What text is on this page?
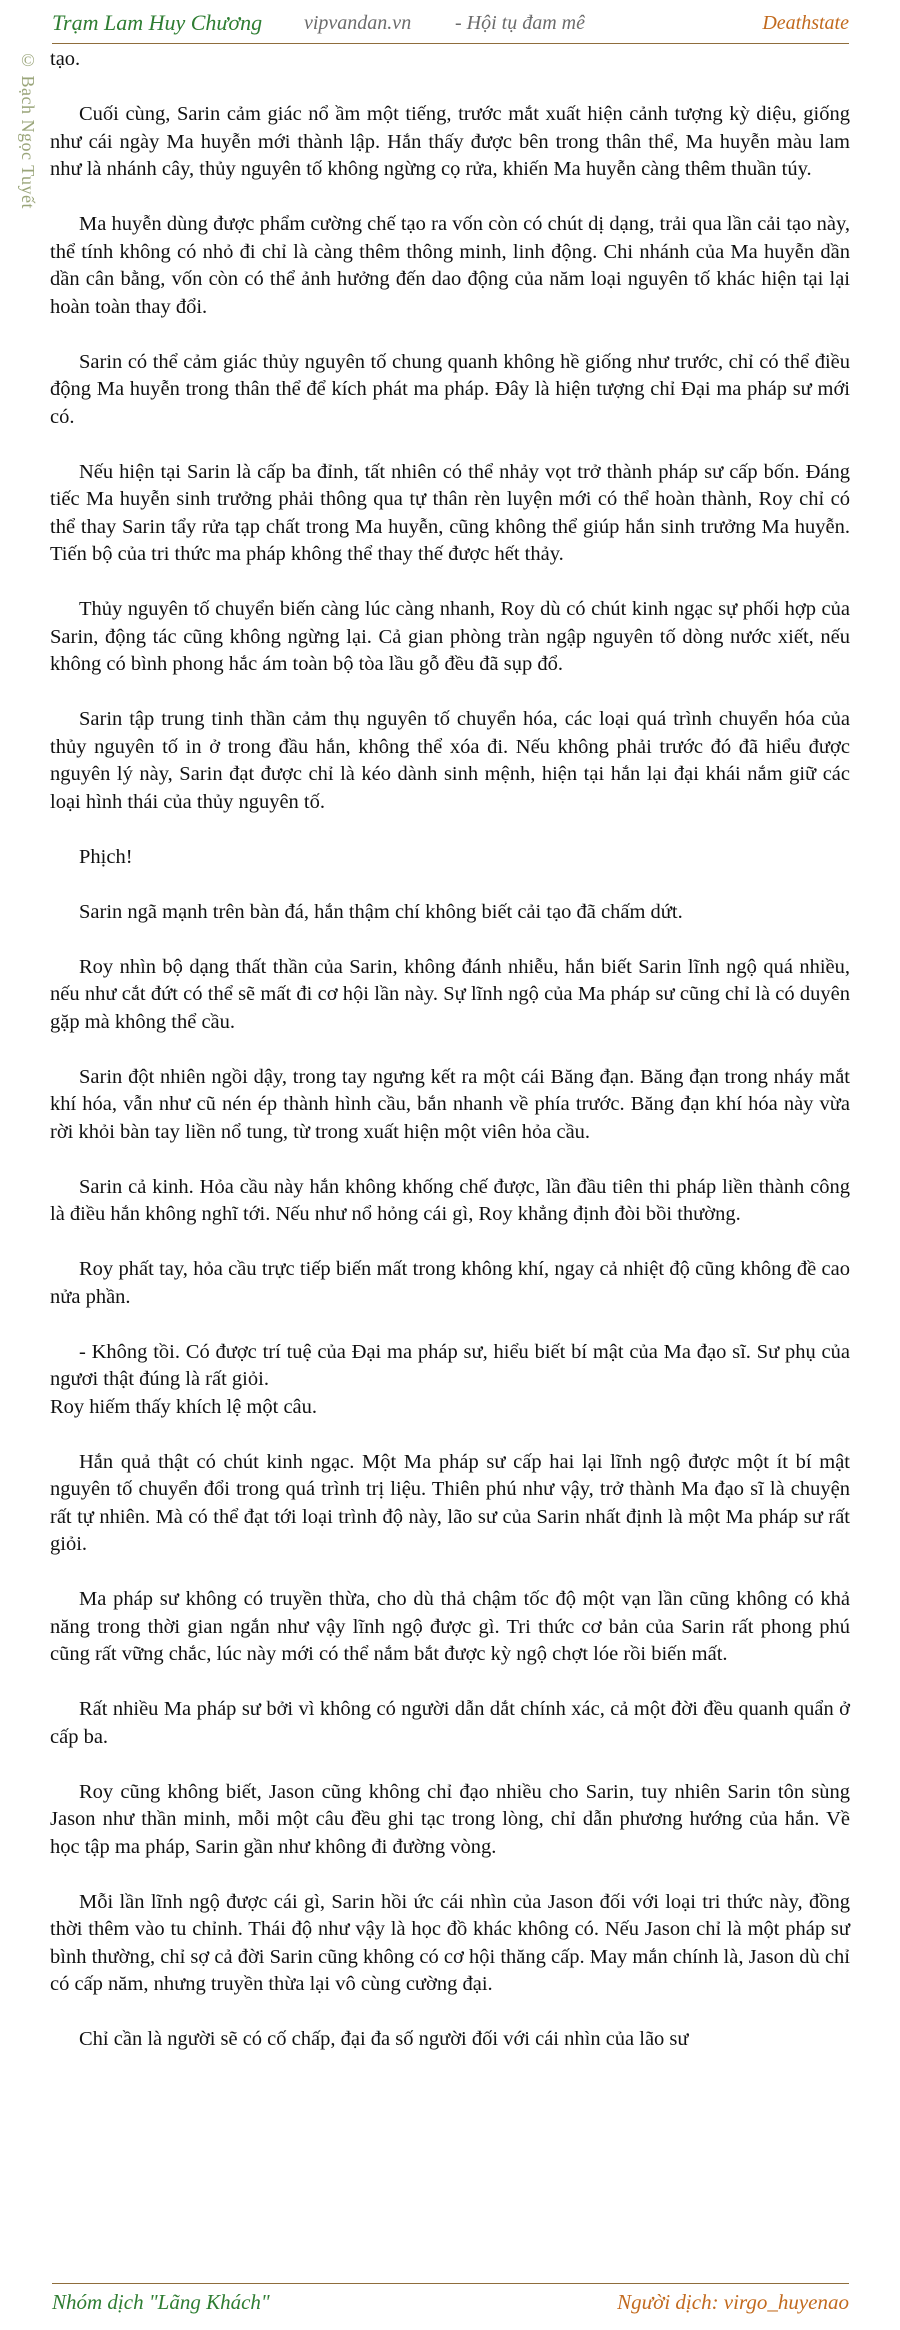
Trạm Lam Huy Chương vipvandan.vn - Hội tụ đam mê	Deathstate
© Bạch Ngọc Tuyết tạo.

Cuối cùng, Sarin cảm giác nổ ầm một tiếng, trước mắt xuất hiện cảnh tượng kỳ diệu, giống như cái ngày Ma huyễn mới thành lập. Hắn thấy được bên trong thân thể, Ma huyễn màu lam như là nhánh cây, thủy nguyên tố không ngừng cọ rửa, khiến Ma huyễn càng thêm thuần túy.

Ma huyễn dùng được phẩm cường chế tạo ra vốn còn có chút dị dạng, trải qua lần cải tạo này, thể tính không có nhỏ đi chỉ là càng thêm thông minh, linh động. Chi nhánh của Ma huyễn dần dần cân bằng, vốn còn có thể ảnh hưởng đến dao động của năm loại nguyên tố khác hiện tại lại hoàn toàn thay đổi.

Sarin có thể cảm giác thủy nguyên tố chung quanh không hề giống như trước, chỉ có thể điều động Ma huyễn trong thân thể để kích phát ma pháp. Đây là hiện tượng chỉ Đại ma pháp sư mới có.

Nếu hiện tại Sarin là cấp ba đỉnh, tất nhiên có thể nhảy vọt trở thành pháp sư cấp bốn. Đáng tiếc Ma huyễn sinh trưởng phải thông qua tự thân rèn luyện mới có thể hoàn thành, Roy chỉ có thể thay Sarin tẩy rửa tạp chất trong Ma huyễn, cũng không thể giúp hắn sinh trưởng Ma huyễn. Tiến bộ của tri thức ma pháp không thể thay thế được hết thảy.

Thủy nguyên tố chuyển biến càng lúc càng nhanh, Roy dù có chút kinh ngạc sự phối hợp của Sarin, động tác cũng không ngừng lại. Cả gian phòng tràn ngập nguyên tố dòng nước xiết, nếu không có bình phong hắc ám toàn bộ tòa lầu gỗ đều đã sụp đổ.

Sarin tập trung tinh thần cảm thụ nguyên tố chuyển hóa, các loại quá trình chuyển hóa của thủy nguyên tố in ở trong đầu hắn, không thể xóa đi. Nếu không phải trước đó đã hiểu được nguyên lý này, Sarin đạt được chỉ là kéo dành sinh mệnh, hiện tại hắn lại đại khái nắm giữ các loại hình thái của thủy nguyên tố.

Phịch!

Sarin ngã mạnh trên bàn đá, hắn thậm chí không biết cải tạo đã chấm dứt.

Roy nhìn bộ dạng thất thần của Sarin, không đánh nhiễu, hắn biết Sarin lĩnh ngộ quá nhiều, nếu như cắt đứt có thể sẽ mất đi cơ hội lần này. Sự lĩnh ngộ của Ma pháp sư cũng chỉ là có duyên gặp mà không thể cầu.

Sarin đột nhiên ngồi dậy, trong tay ngưng kết ra một cái Băng đạn. Băng đạn trong nháy mắt khí hóa, vẫn như cũ nén ép thành hình cầu, bắn nhanh về phía trước. Băng đạn khí hóa này vừa rời khỏi bàn tay liền nổ tung, từ trong xuất hiện một viên hỏa cầu.

Sarin cả kinh. Hỏa cầu này hắn không khống chế được, lần đầu tiên thi pháp liền thành công là điều hắn không nghĩ tới. Nếu như nổ hỏng cái gì, Roy khẳng định đòi bồi thường.

Roy phất tay, hỏa cầu trực tiếp biến mất trong không khí, ngay cả nhiệt độ cũng không đề cao nửa phần.

- Không tồi. Có được trí tuệ của Đại ma pháp sư, hiểu biết bí mật của Ma đạo sĩ. Sư phụ của ngươi thật đúng là rất giỏi.

Roy hiếm thấy khích lệ một câu.

Hắn quả thật có chút kinh ngạc. Một Ma pháp sư cấp hai lại lĩnh ngộ được một ít bí mật nguyên tố chuyển đổi trong quá trình trị liệu. Thiên phú như vậy, trở thành Ma đạo sĩ là chuyện rất tự nhiên. Mà có thể đạt tới loại trình độ này, lão sư của Sarin nhất định là một Ma pháp sư rất giỏi.

Ma pháp sư không có truyền thừa, cho dù thả chậm tốc độ một vạn lần cũng không có khả năng trong thời gian ngắn như vậy lĩnh ngộ được gì. Tri thức cơ bản của Sarin rất phong phú cũng rất vững chắc, lúc này mới có thể nắm bắt được kỳ ngộ chợt lóe rồi biến mất.

Rất nhiều Ma pháp sư bởi vì không có người dẫn dắt chính xác, cả một đời đều quanh quẩn ở cấp ba.

Roy cũng không biết, Jason cũng không chỉ đạo nhiều cho Sarin, tuy nhiên Sarin tôn sùng Jason như thần minh, mỗi một câu đều ghi tạc trong lòng, chỉ dẫn phương hướng của hắn. Về học tập ma pháp, Sarin gần như không đi đường vòng.

Mỗi lần lĩnh ngộ được cái gì, Sarin hồi ức cái nhìn của Jason đối với loại tri thức này, đồng thời thêm vào tu chỉnh. Thái độ như vậy là học đồ khác không có. Nếu Jason chỉ là một pháp sư bình thường, chỉ sợ cả đời Sarin cũng không có cơ hội thăng cấp. May mắn chính là, Jason dù chỉ có cấp năm, nhưng truyền thừa lại vô cùng cường đại.

Chỉ cần là người sẽ có cố chấp, đại đa số người đối với cái nhìn của lão sư

Nhóm dịch "Lãng Khách"	Người dịch: virgo_huyenao
